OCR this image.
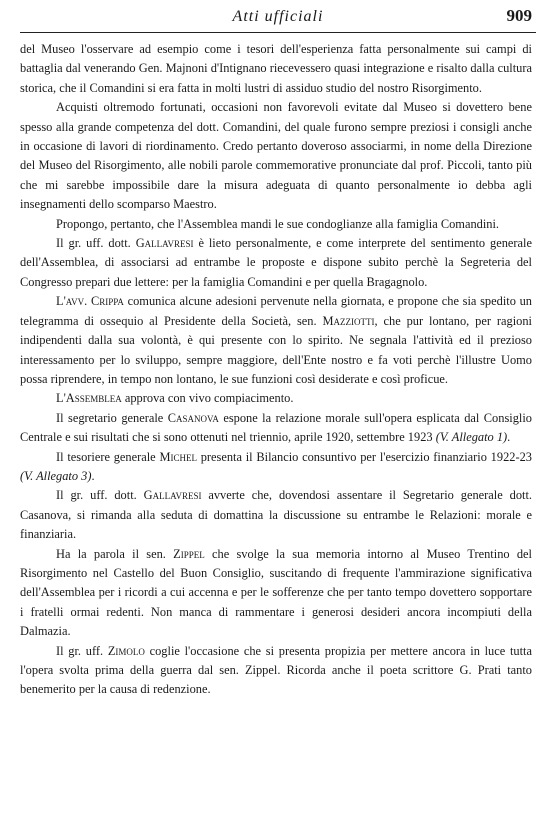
Atti ufficiali	909

del Museo l'osservare ad esempio come i tesori dell'esperienza fatta personalmente sui campi di battaglia dal venerando Gen. Majnoni d'Intignano riecevessero quasi integrazione e risalto dalla cultura storica, che il Comandini si era fatta in molti lustri di assiduo studio del nostro Risorgimento.

Acquisti oltremodo fortunati, occasioni non favorevoli evitate dal Museo si dovettero bene spesso alla grande competenza del dott. Comandini, del quale furono sempre preziosi i consigli anche in occasione di lavori di riordinamento. Credo pertanto doveroso associarmi, in nome della Direzione del Museo del Risorgimento, alle nobili parole commemorative pronunciate dal prof. Piccoli, tanto più che mi sarebbe impossibile dare la misura adeguata di quanto personalmente io debba agli insegnamenti dello scomparso Maestro.

Propongo, pertanto, che l'Assemblea mandi le sue condoglianze alla famiglia Comandini.

Il gr. uff. dott. Gallavresi è lieto personalmente, e come interprete del sentimento generale dell'Assemblea, di associarsi ad entrambe le proposte e dispone subito perchè la Segreteria del Congresso prepari due lettere: per la famiglia Comandini e per quella Bragagnolo.

L'avv. Crippa comunica alcune adesioni pervenute nella giornata, e propone che sia spedito un telegramma di ossequio al Presidente della Società, sen. Mazziotti, che pur lontano, per ragioni indipendenti dalla sua volontà, è qui presente con lo spirito. Ne segnala l'attività ed il prezioso interessamento per lo sviluppo, sempre maggiore, dell'Ente nostro e fa voti perchè l'illustre Uomo possa riprendere, in tempo non lontano, le sue funzioni così desiderate e così proficue.

L'Assemblea approva con vivo compiacimento.

Il segretario generale Casanova espone la relazione morale sull'opera esplicata dal Consiglio Centrale e sui risultati che si sono ottenuti nel triennio, aprile 1920, settembre 1923 (V. Allegato 1).

Il tesoriere generale Michel presenta il Bilancio consuntivo per l'esercizio finanziario 1922-23 (V. Allegato 3).

Il gr. uff. dott. Gallavresi avverte che, dovendosi assentare il Segretario generale dott. Casanova, si rimanda alla seduta di domattina la discussione su entrambe le Relazioni: morale e finanziaria.

Ha la parola il sen. Zippel che svolge la sua memoria intorno al Museo Trentino del Risorgimento nel Castello del Buon Consiglio, suscitando di frequente l'ammirazione significativa dell'Assemblea per i ricordi a cui accenna e per le sofferenze che per tanto tempo dovettero sopportare i fratelli ormai redenti. Non manca di rammentare i generosi desideri ancora incompiuti della Dalmazia.

Il gr. uff. Zimolo coglie l'occasione che si presenta propizia per mettere ancora in luce tutta l'opera svolta prima della guerra dal sen. Zippel. Ricorda anche il poeta scrittore G. Prati tanto benemerito per la causa di redenzione.
